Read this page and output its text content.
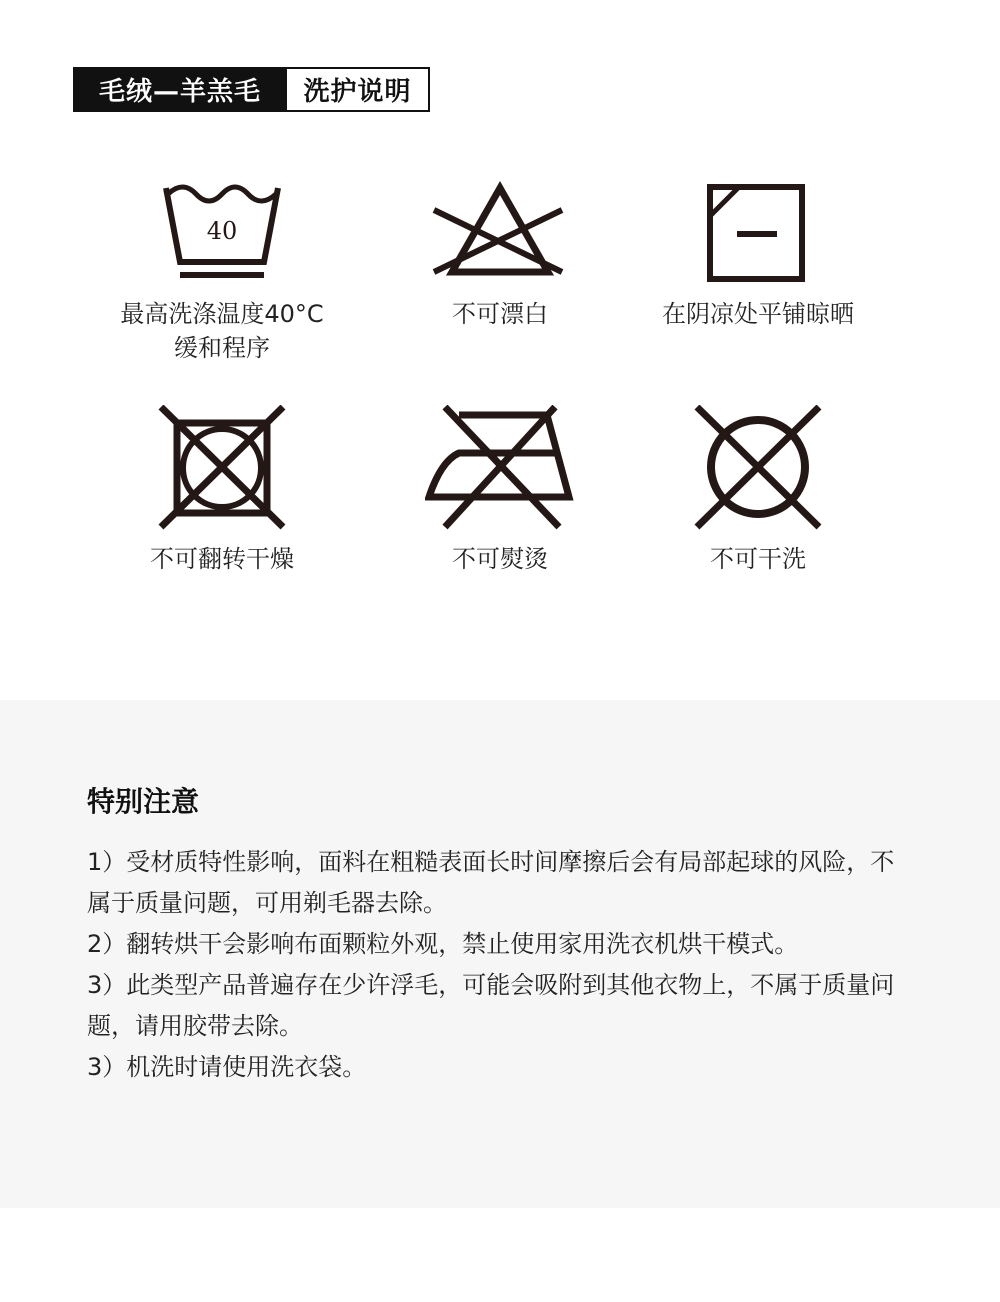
毛绒—羊羔毛	洗护说明
40
最高洗涤温度40°C
缓和程序
不可漂白	在阴凉处平铺晾晒
不可翻转干燥	不可熨烫	不可干洗
特别注意

1）受材质特性影响，面料在粗糙表面长时间摩擦后会有局部起球的风险，不属于质量问题，可用剃毛器去除。

2）翻转烘干会影响布面颗粒外观，禁止使用家用洗衣机烘干模式。

3）此类型产品普遍存在少许浮毛，可能会吸附到其他衣物上，不属于质量问题，请用胶带去除。

3）机洗时请使用洗衣袋。
